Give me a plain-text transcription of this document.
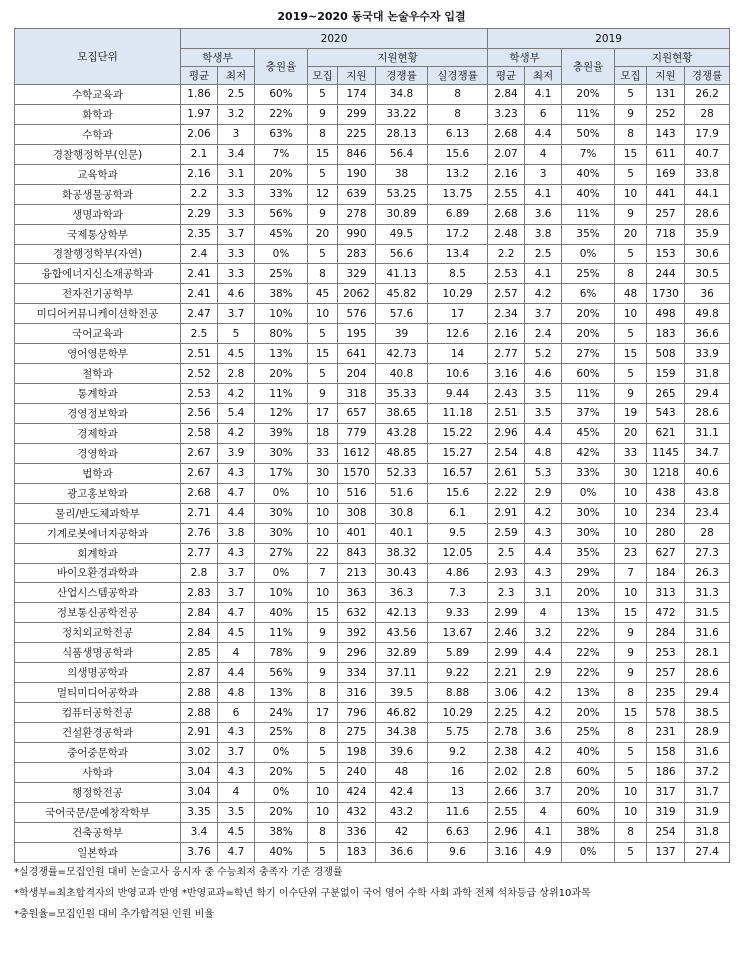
2019~2020 동국대 논술우수자 입결
모집단위	2020							2019					
	학생부		충원율	지원현황				학생부		충원율	지원현황		
	평균	최저		모집	지원	경쟁률	실경쟁률	평균	최저		모집	지원	경쟁률
수학교육과	1.86	2.5	60%	5	174	34.8	8	2.84	4.1	20%	5	131	26.2
화학과	1.97	3.2	22%	9	299	33.22	8	3.23	6	11%	9	252	28
수학과	2.06	3	63%	8	225	28.13	6.13	2.68	4.4	50%	8	143	17.9
경찰행정학부(인문)	2.1	3.4	7%	15	846	56.4	15.6	2.07	4	7%	15	611	40.7
교육학과	2.16	3.1	20%	5	190	38	13.2	2.16	3	40%	5	169	33.8
화공생물공학과	2.2	3.3	33%	12	639	53.25	13.75	2.55	4.1	40%	10	441	44.1
생명과학과	2.29	3.3	56%	9	278	30.89	6.89	2.68	3.6	11%	9	257	28.6
국제통상학부	2.35	3.7	45%	20	990	49.5	17.2	2.48	3.8	35%	20	718	35.9
경찰행정학부(자연)	2.4	3.3	0%	5	283	56.6	13.4	2.2	2.5	0%	5	153	30.6
융합에너지신소재공학과	2.41	3.3	25%	8	329	41.13	8.5	2.53	4.1	25%	8	244	30.5
전자전기공학부	2.41	4.6	38%	45	2062	45.82	10.29	2.57	4.2	6%	48	1730	36
미디어커뮤니케이션학전공	2.47	3.7	10%	10	576	57.6	17	2.34	3.7	20%	10	498	49.8
국어교육과	2.5	5	80%	5	195	39	12.6	2.16	2.4	20%	5	183	36.6
영어영문학부	2.51	4.5	13%	15	641	42.73	14	2.77	5.2	27%	15	508	33.9
철학과	2.52	2.8	20%	5	204	40.8	10.6	3.16	4.6	60%	5	159	31.8
통계학과	2.53	4.2	11%	9	318	35.33	9.44	2.43	3.5	11%	9	265	29.4
경영정보학과	2.56	5.4	12%	17	657	38.65	11.18	2.51	3.5	37%	19	543	28.6
경제학과	2.58	4.2	39%	18	779	43.28	15.22	2.96	4.4	45%	20	621	31.1
경영학과	2.67	3.9	30%	33	1612	48.85	15.27	2.54	4.8	42%	33	1145	34.7
법학과	2.67	4.3	17%	30	1570	52.33	16.57	2.61	5.3	33%	30	1218	40.6
광고홍보학과	2.68	4.7	0%	10	516	51.6	15.6	2.22	2.9	0%	10	438	43.8
물리/반도체과학부	2.71	4.4	30%	10	308	30.8	6.1	2.91	4.2	30%	10	234	23.4
기계로봇에너지공학과	2.76	3.8	30%	10	401	40.1	9.5	2.59	4.3	30%	10	280	28
회계학과	2.77	4.3	27%	22	843	38.32	12.05	2.5	4.4	35%	23	627	27.3
바이오환경과학과	2.8	3.7	0%	7	213	30.43	4.86	2.93	4.3	29%	7	184	26.3
산업시스템공학과	2.83	3.7	10%	10	363	36.3	7.3	2.3	3.1	20%	10	313	31.3
정보통신공학전공	2.84	4.7	40%	15	632	42.13	9.33	2.99	4	13%	15	472	31.5
정치외교학전공	2.84	4.5	11%	9	392	43.56	13.67	2.46	3.2	22%	9	284	31.6
식품생명공학과	2.85	4	78%	9	296	32.89	5.89	2.99	4.4	22%	9	253	28.1
의생명공학과	2.87	4.4	56%	9	334	37.11	9.22	2.21	2.9	22%	9	257	28.6
멀티미디어공학과	2.88	4.8	13%	8	316	39.5	8.88	3.06	4.2	13%	8	235	29.4
컴퓨터공학전공	2.88	6	24%	17	796	46.82	10.29	2.25	4.2	20%	15	578	38.5
건설환경공학과	2.91	4.3	25%	8	275	34.38	5.75	2.78	3.6	25%	8	231	28.9
중어중문학과	3.02	3.7	0%	5	198	39.6	9.2	2.38	4.2	40%	5	158	31.6
사학과	3.04	4.3	20%	5	240	48	16	2.02	2.8	60%	5	186	37.2
행정학전공	3.04	4	0%	10	424	42.4	13	2.66	3.7	20%	10	317	31.7
국어국문/문예창작학부	3.35	3.5	20%	10	432	43.2	11.6	2.55	4	60%	10	319	31.9
건축공학부	3.4	4.5	38%	8	336	42	6.63	2.96	4.1	38%	8	254	31.8
일본학과	3.76	4.7	40%	5	183	36.6	9.6	3.16	4.9	0%	5	137	27.4
*실경쟁률=모집인원 대비 논술고사 응시자 중 수능최저 충족자 기준 경쟁률
*학생부=최초합격자의 반영교과 반영 *반영교과=학년 학기 이수단위 구분없이 국어 영어 수학 사회 과학 전체 석차등급 상위10과목
*충원율=모집인원 대비 추가합격된 인원 비율
